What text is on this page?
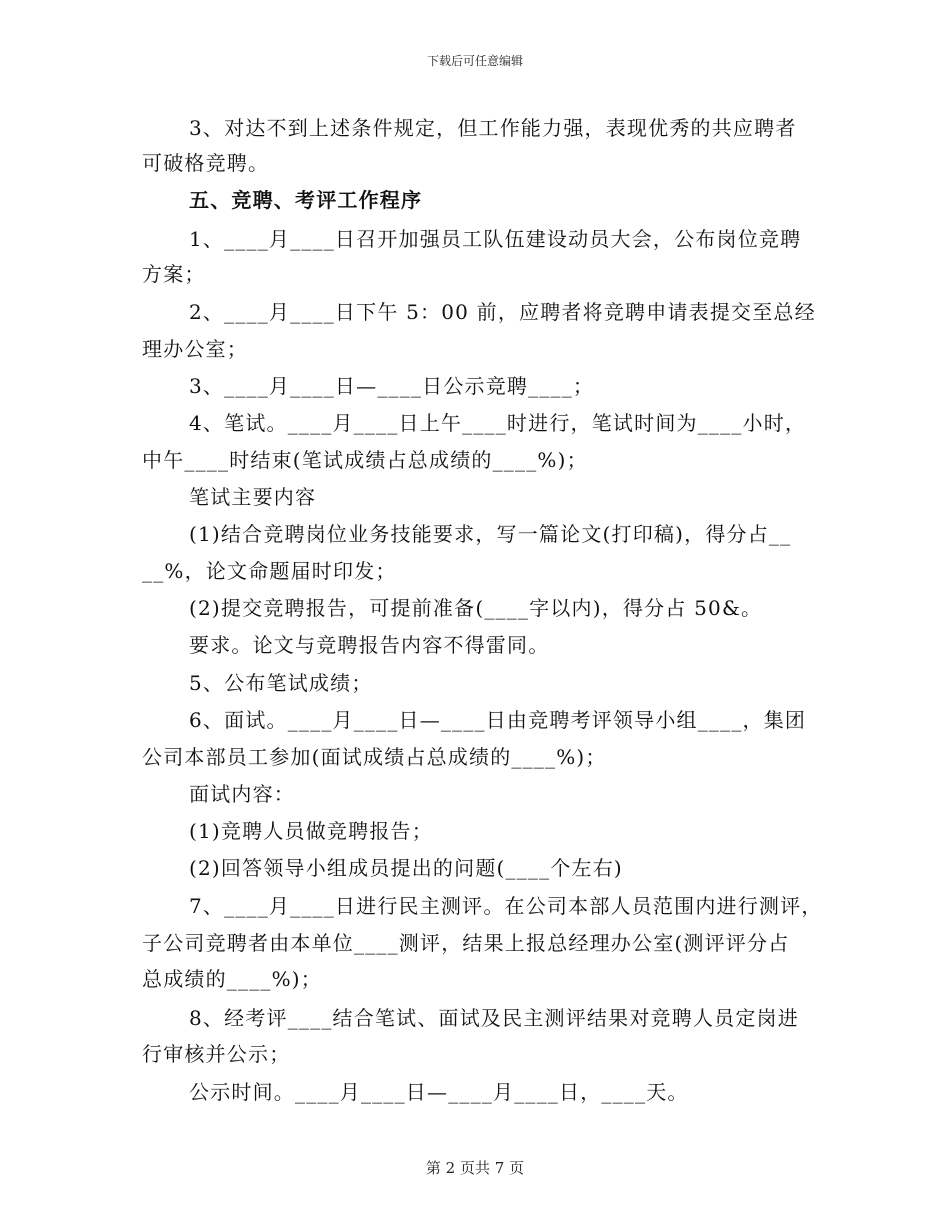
下载后可任意编辑
3、对达不到上述条件规定，但工作能力强，表现优秀的共应聘者
可破格竞聘。
五、竞聘、考评工作程序
1、____月____日召开加强员工队伍建设动员大会，公布岗位竞聘
方案；
2、____月____日下午 5：00 前，应聘者将竞聘申请表提交至总经
理办公室；
3、____月____日—____日公示竞聘____；
4、笔试。____月____日上午____时进行，笔试时间为____小时，
中午____时结束(笔试成绩占总成绩的____%)；
笔试主要内容
(1)结合竞聘岗位业务技能要求，写一篇论文(打印稿)，得分占__
__%，论文命题届时印发；
(2)提交竞聘报告，可提前准备(____字以内)，得分占 50&。
要求。论文与竞聘报告内容不得雷同。
5、公布笔试成绩；
6、面试。____月____日—____日由竞聘考评领导小组____，集团
公司本部员工参加(面试成绩占总成绩的____%)；
面试内容：
(1)竞聘人员做竞聘报告；
(2)回答领导小组成员提出的问题(____个左右)
7、____月____日进行民主测评。在公司本部人员范围内进行测评，
子公司竞聘者由本单位____测评，结果上报总经理办公室(测评评分占
总成绩的____%)；
8、经考评____结合笔试、面试及民主测评结果对竞聘人员定岗进
行审核并公示；
公示时间。____月____日—____月____日，____天。
第 2 页共 7 页
